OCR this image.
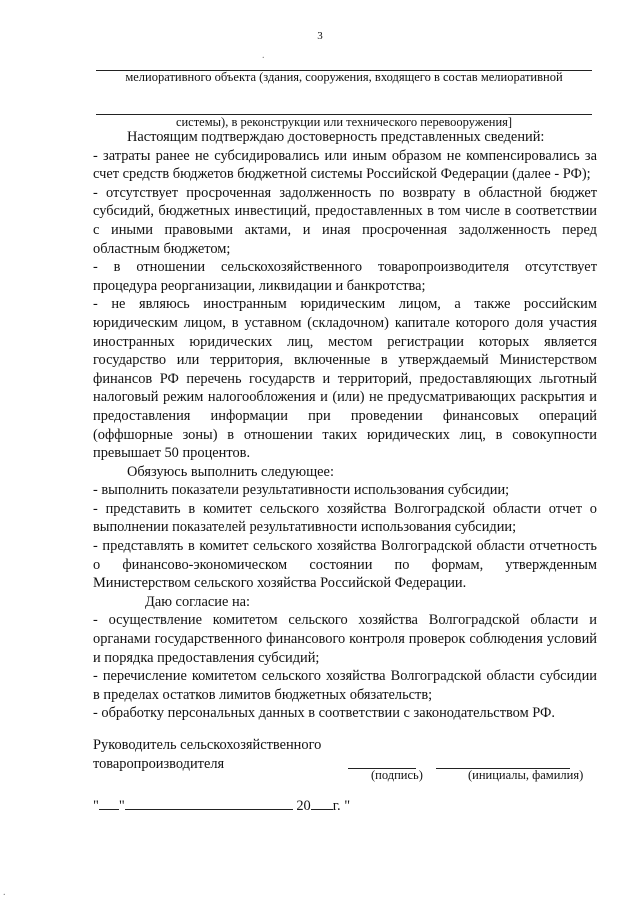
3
мелиоративного объекта (здания, сооружения, входящего в состав мелиоративной
системы), в реконструкции или технического перевооружения]

Настоящим подтверждаю достоверность представленных сведений:

- затраты ранее не субсидировались или иным образом не компенсировались за счет средств бюджетов бюджетной системы Российской Федерации (далее - РФ);

- отсутствует просроченная задолженность по возврату в областной бюджет субсидий, бюджетных инвестиций, предоставленных в том числе в соответствии с иными правовыми актами, и иная просроченная задолженность перед областным бюджетом;

- в отношении сельскохозяйственного товаропроизводителя отсутствует процедура реорганизации, ликвидации и банкротства;

- не являюсь иностранным юридическим лицом, а также российским юридическим лицом, в уставном (складочном) капитале которого доля участия иностранных юридических лиц, местом регистрации которых является государство или территория, включенные в утверждаемый Министерством финансов РФ перечень государств и территорий, предоставляющих льготный налоговый режим налогообложения и (или) не предусматривающих раскрытия и предоставления информации при проведении финансовых операций (оффшорные зоны) в отношении таких юридических лиц, в совокупности превышает 50 процентов.

Обязуюсь выполнить следующее:

- выполнить показатели результативности использования субсидии;

- представить в комитет сельского хозяйства Волгоградской области отчет о выполнении показателей результативности использования субсидии;

- представлять в комитет сельского хозяйства Волгоградской области отчетность о финансово-экономическом состоянии по формам, утвержденным Министерством сельского хозяйства Российской Федерации.

Даю согласие на:

- осуществление комитетом сельского хозяйства Волгоградской области и органами государственного финансового контроля проверок соблюдения условий и порядка предоставления субсидий;

- перечисление комитетом сельского хозяйства Волгоградской области субсидии в пределах остатков лимитов бюджетных обязательств;

- обработку персональных данных в соответствии с законодательством РФ.

Руководитель сельскохозяйственного
товаропроизводителя
(подпись)	(инициалы, фамилия)
" "	20 г. "
.
.
